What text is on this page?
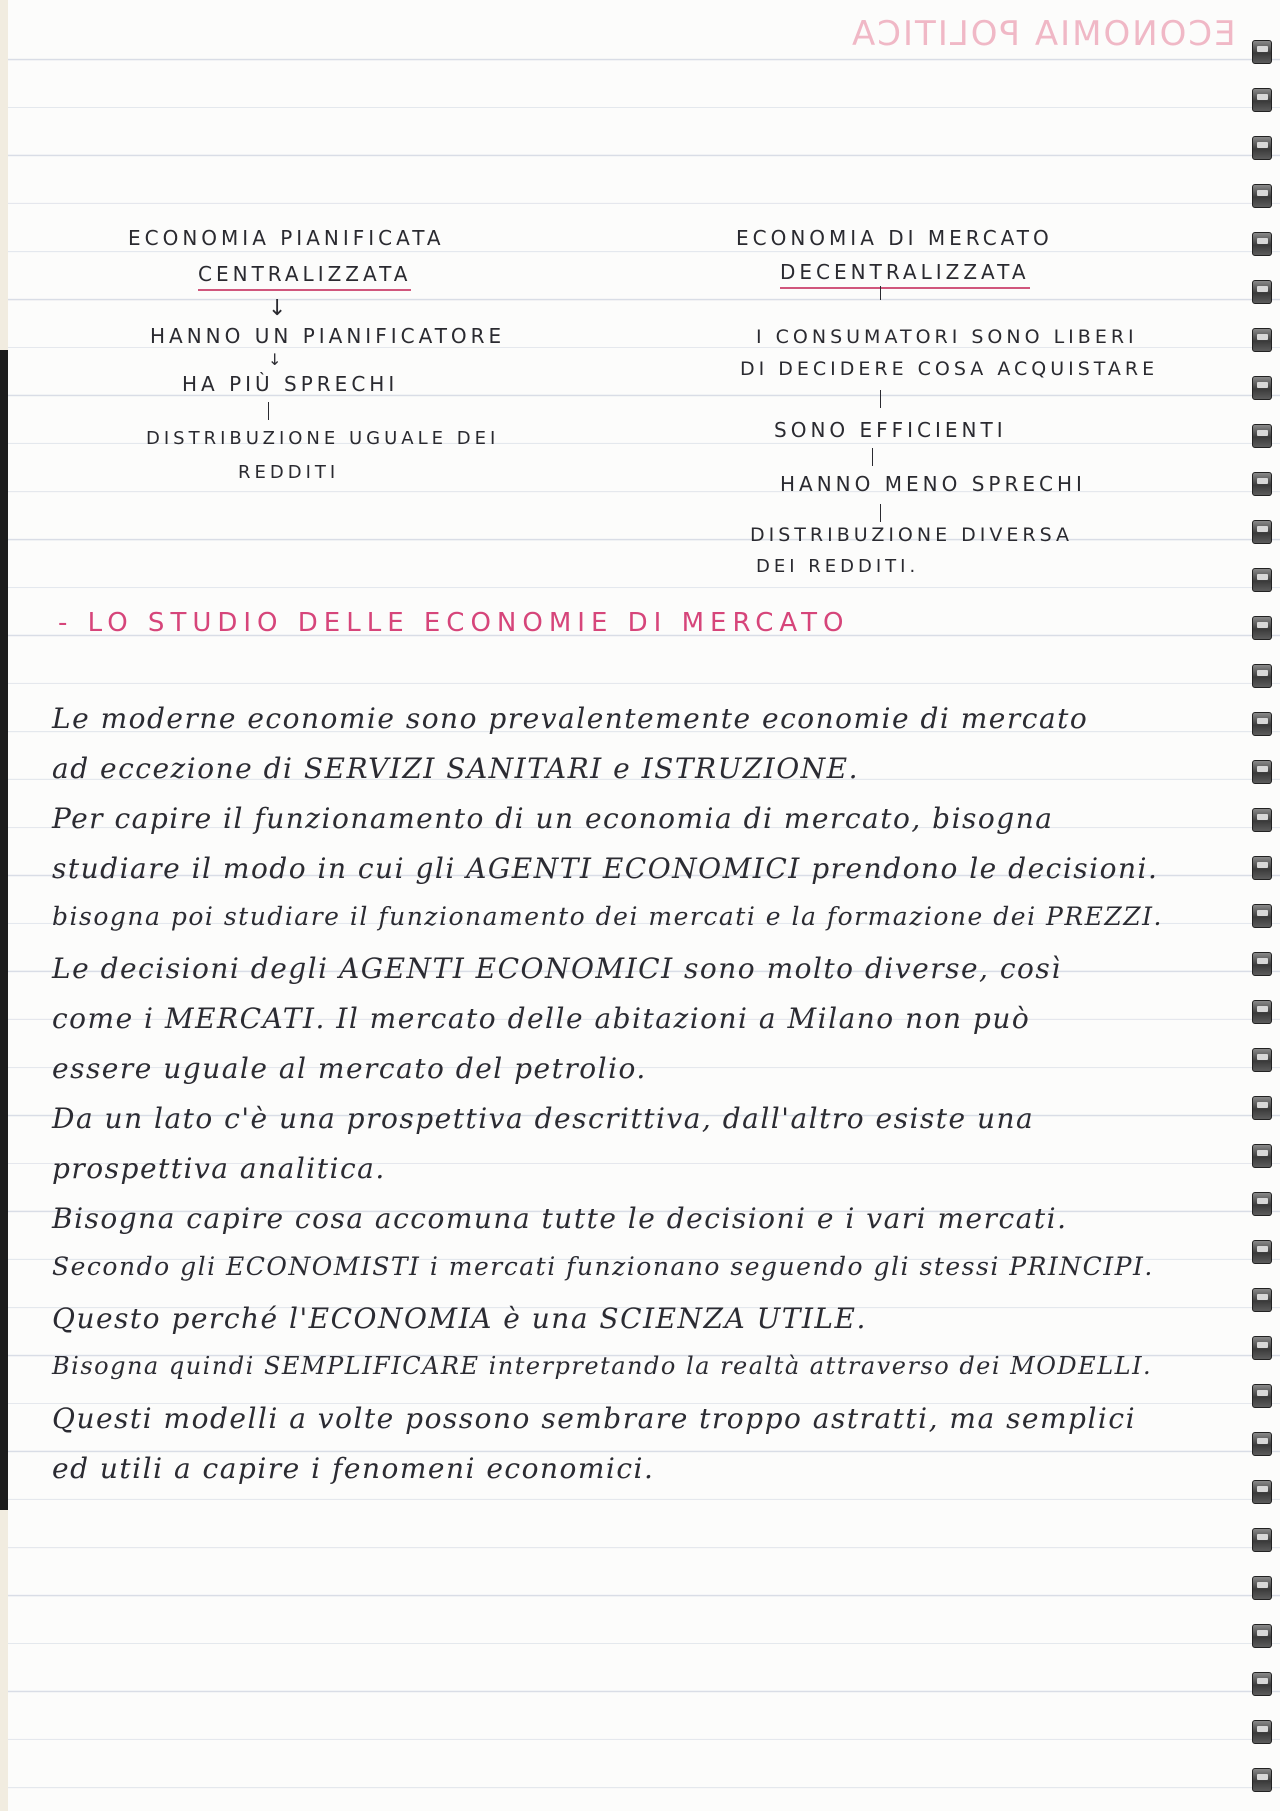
ECONOMIA POLITICA
ECONOMIA PIANIFICATA
CENTRALIZZATA
↓
HANNO UN PIANIFICATORE
↓
HA PIÙ SPRECHI
DISTRIBUZIONE UGUALE DEI
REDDITI
ECONOMIA DI MERCATO
DECENTRALIZZATA
I CONSUMATORI SONO LIBERI
DI DECIDERE COSA ACQUISTARE
SONO EFFICIENTI
HANNO MENO SPRECHI
DISTRIBUZIONE DIVERSA
DEI REDDITI.
- LO STUDIO DELLE ECONOMIE DI MERCATO
Le moderne economie sono prevalentemente economie di mercato
ad eccezione di SERVIZI SANITARI e ISTRUZIONE.
Per capire il funzionamento di un economia di mercato, bisogna
studiare il modo in cui gli AGENTI ECONOMICI prendono le decisioni.
bisogna poi studiare il funzionamento dei mercati e la formazione dei PREZZI.
Le decisioni degli AGENTI ECONOMICI sono molto diverse, così
come i MERCATI. Il mercato delle abitazioni a Milano non può
essere uguale al mercato del petrolio.
Da un lato c'è una prospettiva descrittiva, dall'altro esiste una
prospettiva analitica.
Bisogna capire cosa accomuna tutte le decisioni e i vari mercati.
Secondo gli ECONOMISTI i mercati funzionano seguendo gli stessi PRINCIPI.
Questo perché l'ECONOMIA è una SCIENZA UTILE.
Bisogna quindi SEMPLIFICARE interpretando la realtà attraverso dei MODELLI.
Questi modelli a volte possono sembrare troppo astratti, ma semplici
ed utili a capire i fenomeni economici.
